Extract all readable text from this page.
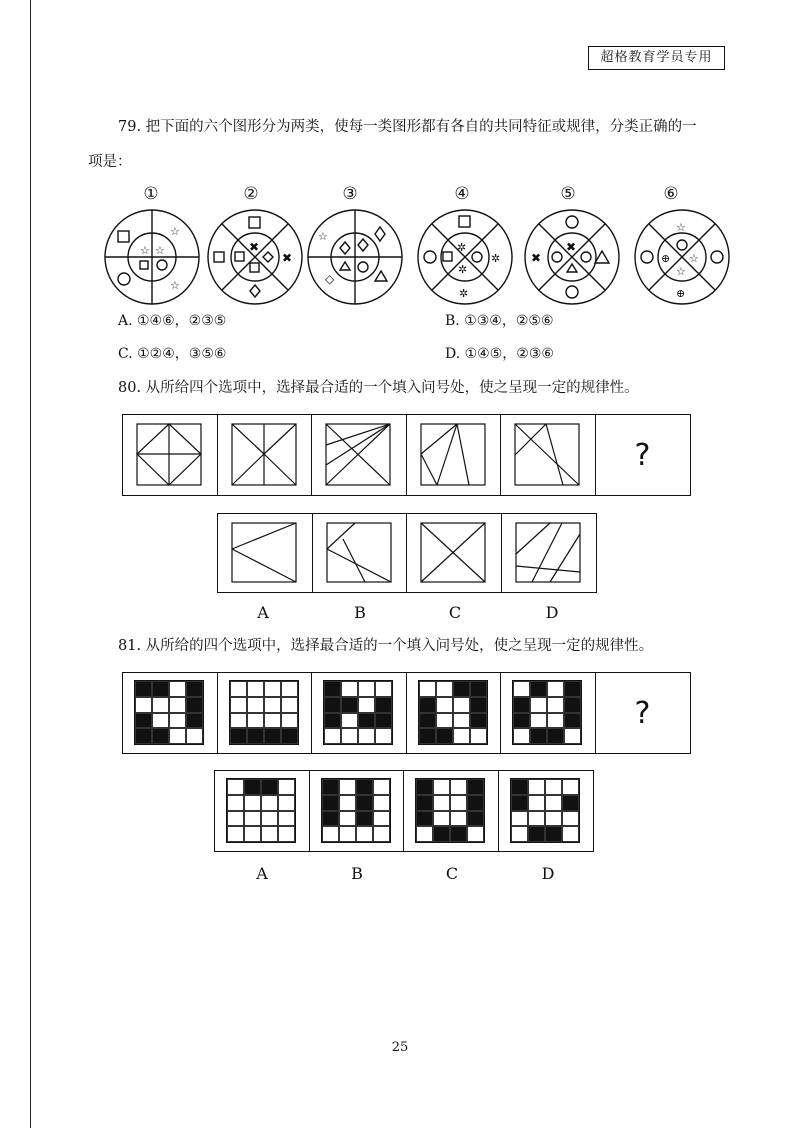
超格教育学员专用
79. 把下面的六个图形分为两类，使每一类图形都有各自的共同特征或规律，分类正确的一
项是：
①	②	③	④	⑤	⑥
☆ ☆
☆
☆
✖
✖
☆
◇
✲
✲
✲
✲
✖
✖
☆
☆
⊕
☆
⊕
A. ①④⑥，②③⑤	B. ①③④，②⑤⑥
C. ①②④，③⑤⑥	D. ①④⑤，②③⑥
80. 从所给四个选项中，选择最合适的一个填入问号处，使之呈现一定的规律性。
?
A	B	C	D
81. 从所给的四个选项中，选择最合适的一个填入问号处，使之呈现一定的规律性。
?
A	B	C	D
25
